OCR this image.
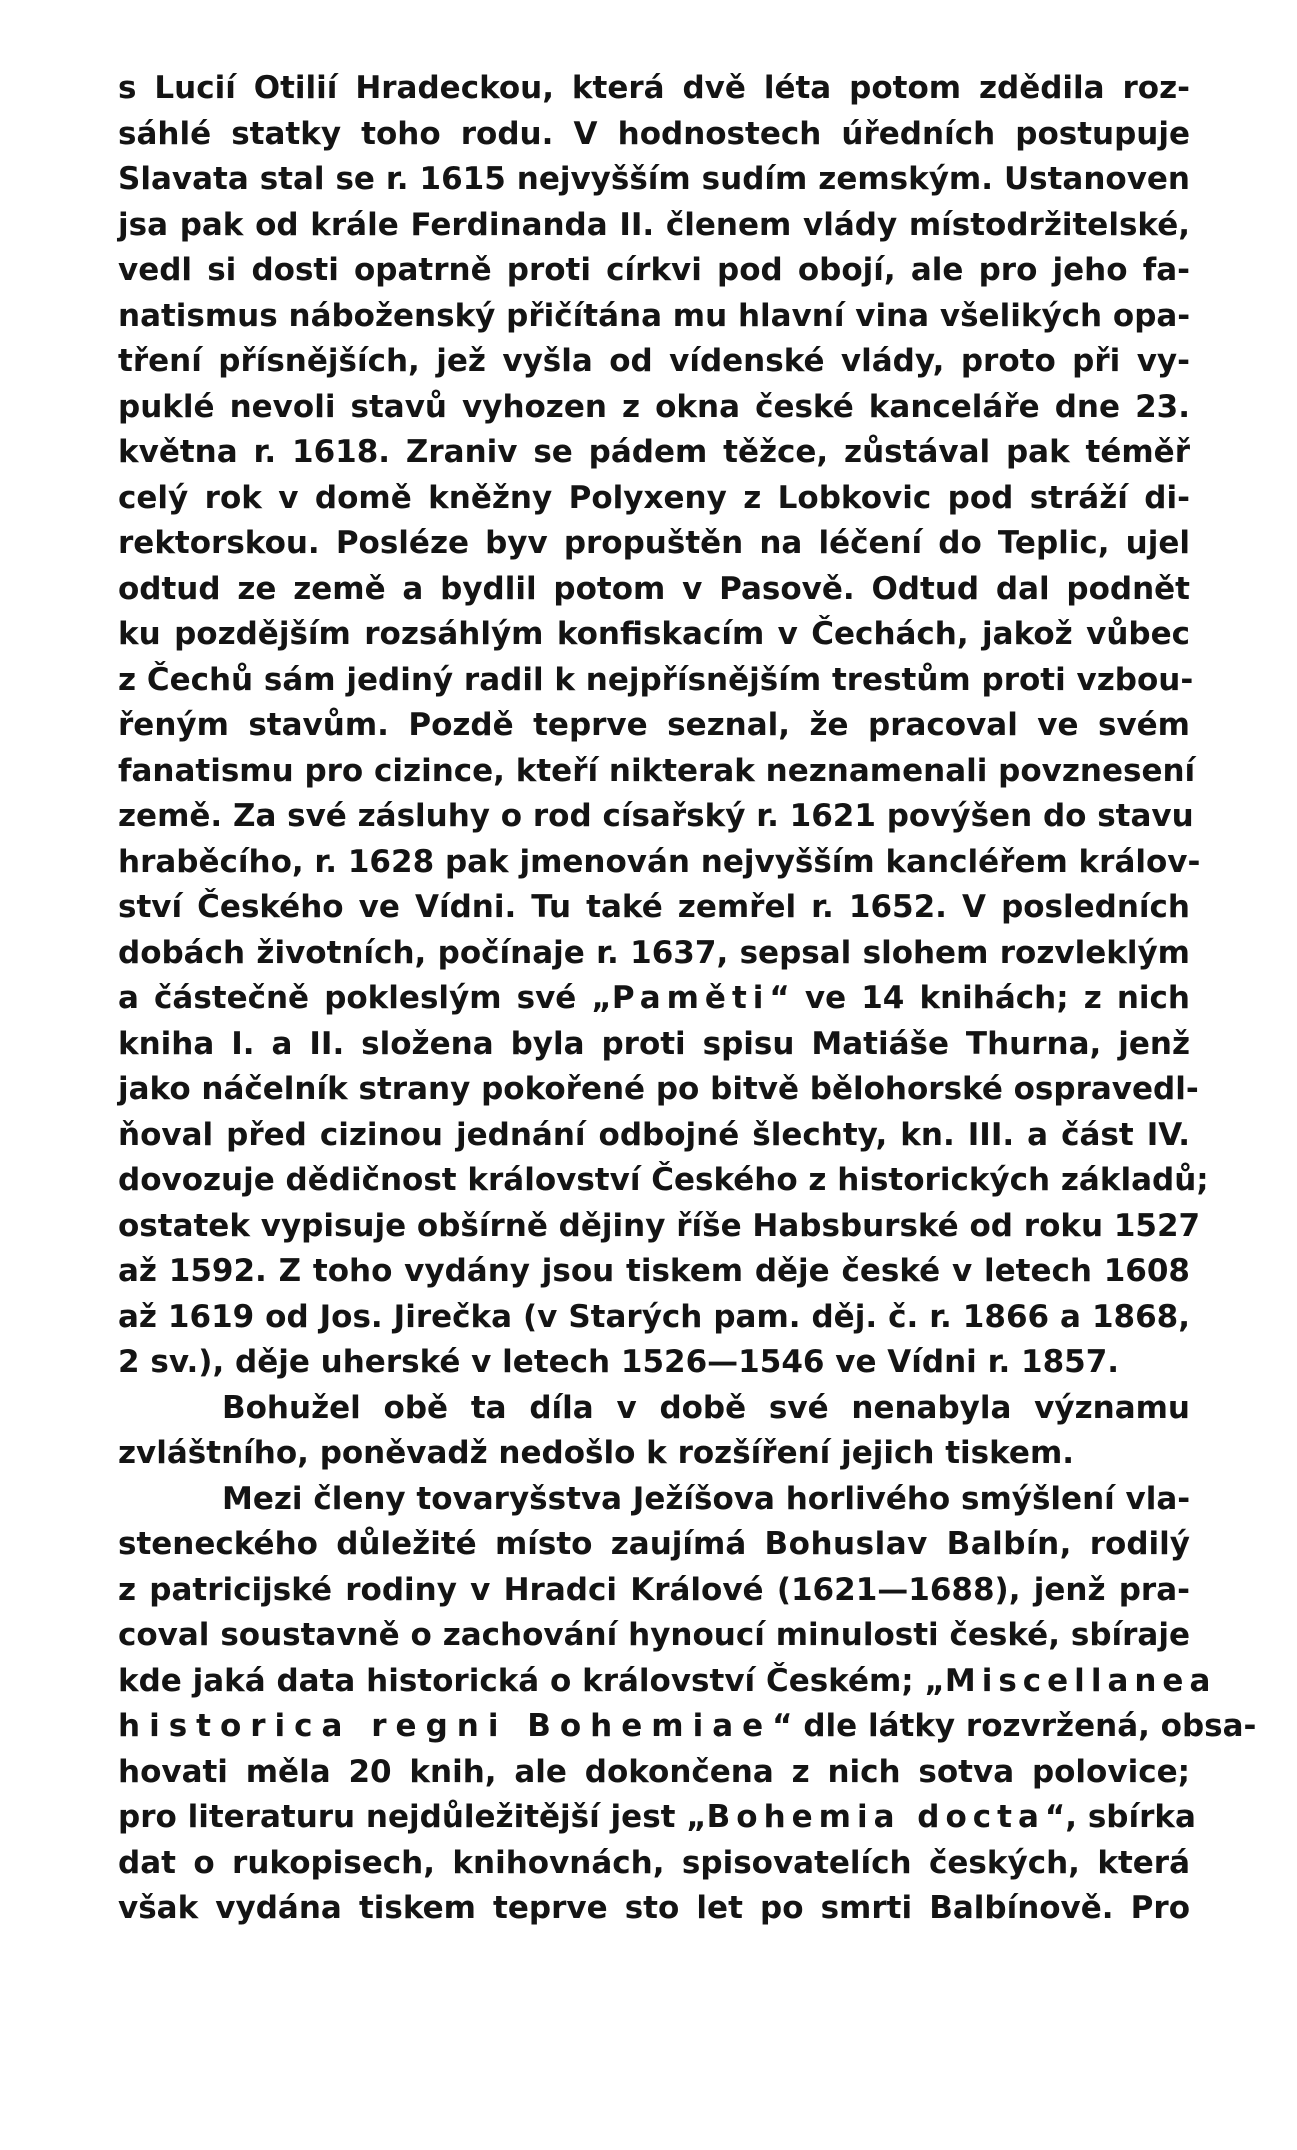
s Lucií Otilií Hradeckou, která dvě léta potom zdědila roz-
sáhlé statky toho rodu. V hodnostech úředních postupuje
Slavata stal se r. 1615 nejvyšším sudím zemským. Ustanoven
jsa pak od krále Ferdinanda II. členem vlády místodržitelské,
vedl si dosti opatrně proti církvi pod obojí, ale pro jeho fa-
natismus náboženský přičítána mu hlavní vina všelikých opa-
tření přísnějších, jež vyšla od vídenské vlády, proto při vy-
puklé nevoli stavů vyhozen z okna české kanceláře dne 23.
května r. 1618. Zraniv se pádem těžce, zůstával pak téměř
celý rok v domě kněžny Polyxeny z Lobkovic pod stráží di-
rektorskou. Posléze byv propuštěn na léčení do Teplic, ujel
odtud ze země a bydlil potom v Pasově. Odtud dal podnět
ku pozdějším rozsáhlým konfiskacím v Čechách, jakož vůbec
z Čechů sám jediný radil k nejpřísnějším trestům proti vzbou-
řeným stavům. Pozdě teprve seznal, že pracoval ve svém
fanatismu pro cizince, kteří nikterak neznamenali povznesení
země. Za své zásluhy o rod císařský r. 1621 povýšen do stavu
hraběcího, r. 1628 pak jmenován nejvyšším kancléřem králov-
ství Českého ve Vídni. Tu také zemřel r. 1652. V posledních
dobách životních, počínaje r. 1637, sepsal slohem rozvleklým
a částečně pokleslým své „Paměti“ ve 14 knihách; z nich
kniha I. a II. složena byla proti spisu Matiáše Thurna, jenž
jako náčelník strany pokořené po bitvě bělohorské ospravedl-
ňoval před cizinou jednání odbojné šlechty, kn. III. a část IV.
dovozuje dědičnost království Českého z historických základů;
ostatek vypisuje obšírně dějiny říše Habsburské od roku 1527
až 1592. Z toho vydány jsou tiskem děje české v letech 1608
až 1619 od Jos. Jirečka (v Starých pam. děj. č. r. 1866 a 1868,
2 sv.), děje uherské v letech 1526—1546 ve Vídni r. 1857.
Bohužel obě ta díla v době své nenabyla významu
zvláštního, poněvadž nedošlo k rozšíření jejich tiskem.
Mezi členy tovaryšstva Ježíšova horlivého smýšlení vla-
steneckého důležité místo zaujímá Bohuslav Balbín, rodilý
z patricijské rodiny v Hradci Králové (1621—1688), jenž pra-
coval soustavně o zachování hynoucí minulosti české, sbíraje
kde jaká data historická o království Českém; „Miscellanea
historica regni Bohemiae“ dle látky rozvržená, obsa-
hovati měla 20 knih, ale dokončena z nich sotva polovice;
pro literaturu nejdůležitější jest „Bohemia docta“, sbírka
dat o rukopisech, knihovnách, spisovatelích českých, která
však vydána tiskem teprve sto let po smrti Balbínově. Pro
